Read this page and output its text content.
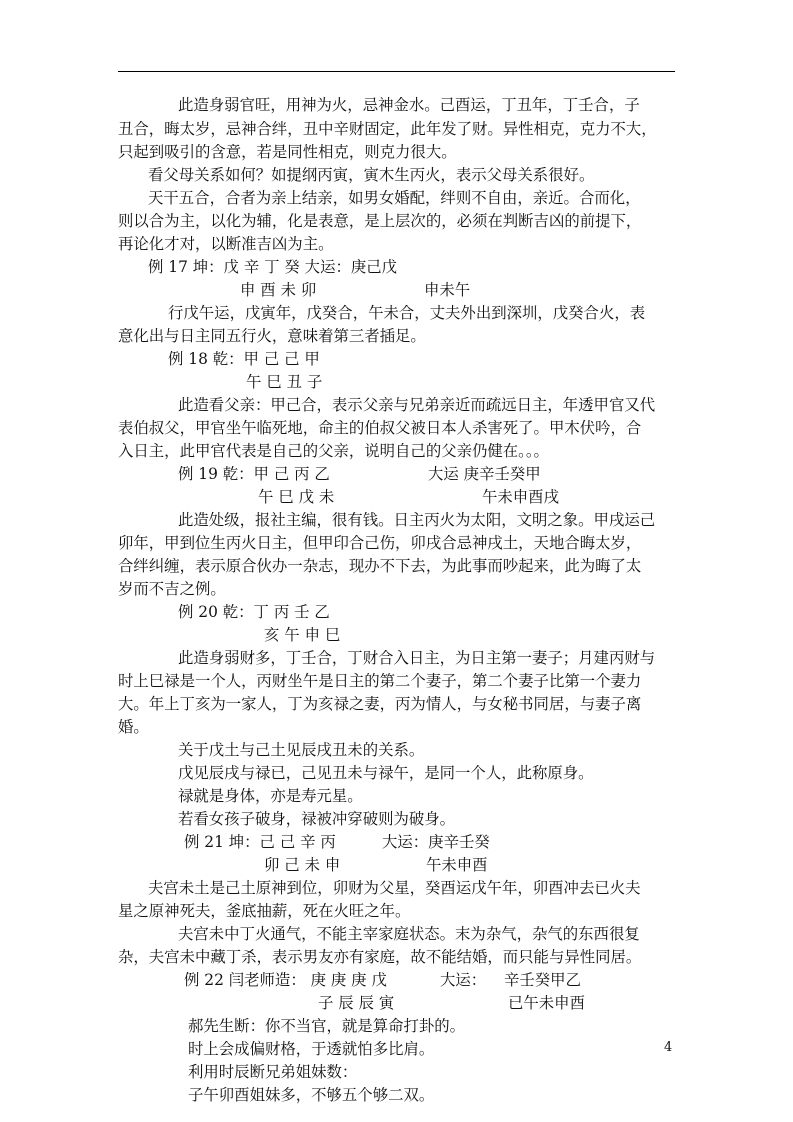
此造身弱官旺，用神为火，忌神金水。己酉运，丁丑年，丁壬合，子
丑合，晦太岁，忌神合绊，丑中辛财固定，此年发了财。异性相克，克力不大，
只起到吸引的含意，若是同性相克，则克力很大。
看父母关系如何？如提纲丙寅，寅木生丙火，表示父母关系很好。
天干五合，合者为亲上结亲，如男女婚配，绊则不自由，亲近。合而化，
则以合为主，以化为辅，化是表意，是上层次的，必须在判断吉凶的前提下，
再论化才对，以断准吉凶为主。
例 17 坤：戊 辛 丁 癸 大运：庚己戊
申 酉 未 卯	申未午
行戊午运，戊寅年，戊癸合，午未合，丈夫外出到深圳，戊癸合火，表
意化出与日主同五行火，意味着第三者插足。
例 18 乾：甲 己 己 甲
午 巳 丑 子
此造看父亲：甲己合，表示父亲与兄弟亲近而疏远日主，年透甲官又代
表伯叔父，甲官坐午临死地，命主的伯叔父被日本人杀害死了。甲木伏吟，合
入日主，此甲官代表是自己的父亲，说明自己的父亲仍健在。。。
例 19 乾：甲 己 丙 乙	大运 庚辛壬癸甲
午 巳 戊 未	午未申酉戌
此造处级，报社主编，很有钱。日主丙火为太阳，文明之象。甲戌运己
卯年，甲到位生丙火日主，但甲印合己伤，卯戌合忌神戌土，天地合晦太岁，
合绊纠缠，表示原合伙办一杂志，现办不下去，为此事而吵起来，此为晦了太
岁而不吉之例。
例 20 乾：丁 丙 壬 乙
亥 午 申 巳
此造身弱财多，丁壬合，丁财合入日主，为日主第一妻子；月建丙财与
时上巳禄是一个人，丙财坐午是日主的第二个妻子，第二个妻子比第一个妻力
大。年上丁亥为一家人，丁为亥禄之妻，丙为情人，与女秘书同居，与妻子离
婚。
关于戊土与己土见辰戌丑未的关系。
戊见辰戌与禄已，己见丑未与禄午，是同一个人，此称原身。
禄就是身体，亦是寿元星。
若看女孩子破身，禄被冲穿破则为破身。
例 21 坤：己 己 辛 丙	大运：庚辛壬癸
卯 己 未 申	午未申酉
夫宫未土是己土原神到位，卯财为父星，癸酉运戊午年，卯酉冲去已火夫
星之原神死夫，釜底抽薪，死在火旺之年。
夫宫未中丁火通气，不能主宰家庭状态。末为杂气，杂气的东西很复
杂，夫宫未中藏丁杀，表示男友亦有家庭，故不能结婚，而只能与异性同居。
例 22 闫老师造： 庚 庚 庚 戊	大运： 辛壬癸甲乙
子 辰 辰 寅	已午未申酉
郝先生断：你不当官，就是算命打卦的。
时上会成偏财格，于透就怕多比肩。
利用时辰断兄弟姐妹数：
子午卯酉姐妹多，不够五个够二双。
4
